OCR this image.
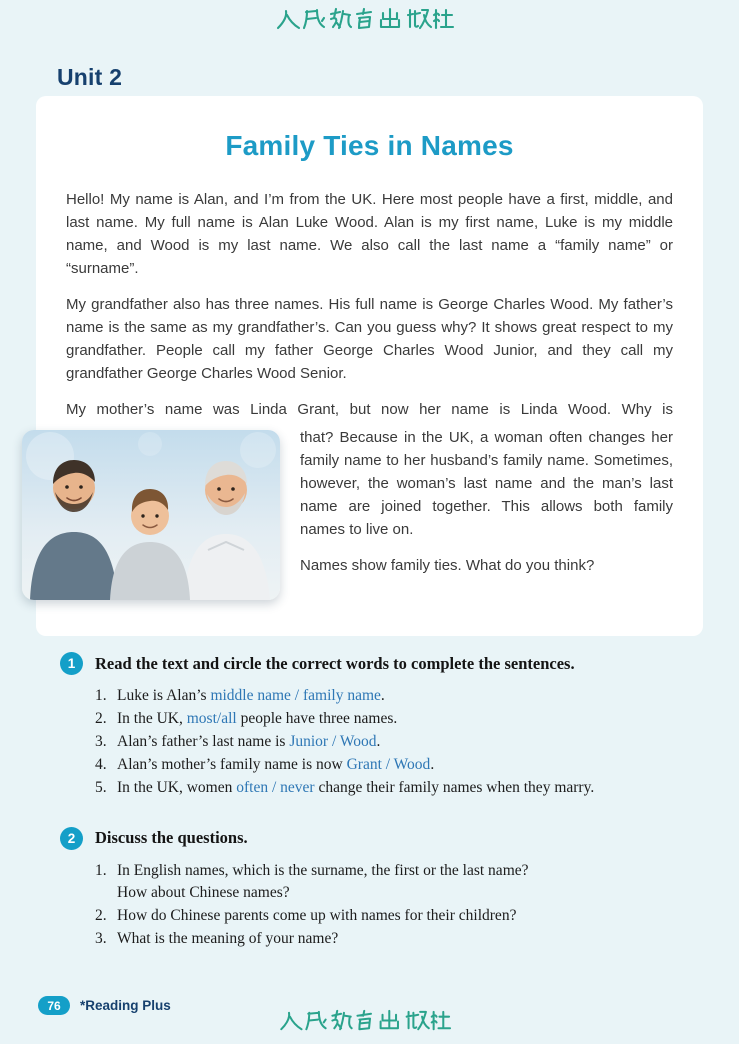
Unit 2
Family Ties in Names
Hello! My name is Alan, and I’m from the UK. Here most people have a first, middle, and last name. My full name is Alan Luke Wood. Alan is my first name, Luke is my middle name, and Wood is my last name. We also call the last name a “family name” or “surname”.
My grandfather also has three names. His full name is George Charles Wood. My father’s name is the same as my grandfather’s. Can you guess why? It shows great respect to my grandfather. People call my father George Charles Wood Junior, and they call my grandfather George Charles Wood Senior.
My mother’s name was Linda Grant, but now her name is Linda Wood. Why is
that? Because in the UK, a woman often changes her family name to her husband’s family name. Sometimes, however, the woman’s last name and the man’s last name are joined together. This allows both family names to live on.
Names show family ties. What do you think?
1	Read the text and circle the correct words to complete the sentences.
1. Luke is Alan’s middle name / family name.
2. In the UK, most/all people have three names.
3. Alan’s father’s last name is Junior / Wood.
4. Alan’s mother’s family name is now Grant / Wood.
5. In the UK, women often / never change their family names when they marry.
2	Discuss the questions.
1. In English names, which is the surname, the first or the last name?
How about Chinese names?
2. How do Chinese parents come up with names for their children?
3. What is the meaning of your name?
76	*Reading Plus
